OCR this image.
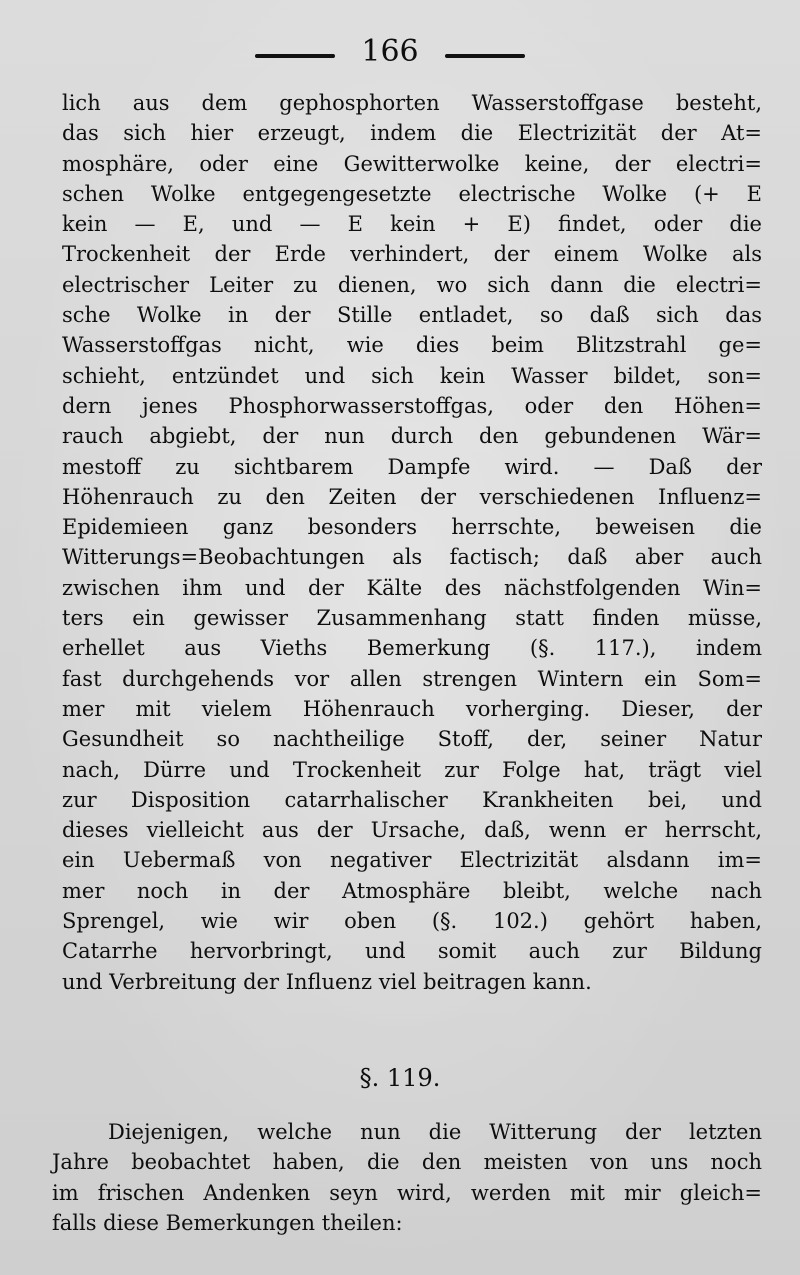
166
lich aus dem gephosphorten Wasserstoffgase besteht,
das sich hier erzeugt, indem die Electrizität der At=
mosphäre, oder eine Gewitterwolke keine, der electri=
schen Wolke entgegengesetzte electrische Wolke (+ E
kein — E, und — E kein + E) findet, oder die
Trockenheit der Erde verhindert, der einem Wolke als
electrischer Leiter zu dienen, wo sich dann die electri=
sche Wolke in der Stille entladet, so daß sich das
Wasserstoffgas nicht, wie dies beim Blitzstrahl ge=
schieht, entzündet und sich kein Wasser bildet, son=
dern jenes Phosphorwasserstoffgas, oder den Höhen=
rauch abgiebt, der nun durch den gebundenen Wär=
mestoff zu sichtbarem Dampfe wird. — Daß der
Höhenrauch zu den Zeiten der verschiedenen Influenz=
Epidemieen ganz besonders herrschte, beweisen die
Witterungs=Beobachtungen als factisch; daß aber auch
zwischen ihm und der Kälte des nächstfolgenden Win=
ters ein gewisser Zusammenhang statt finden müsse,
erhellet aus Vieths Bemerkung (§. 117.), indem
fast durchgehends vor allen strengen Wintern ein Som=
mer mit vielem Höhenrauch vorherging. Dieser, der
Gesundheit so nachtheilige Stoff, der, seiner Natur
nach, Dürre und Trockenheit zur Folge hat, trägt viel
zur Disposition catarrhalischer Krankheiten bei, und
dieses vielleicht aus der Ursache, daß, wenn er herrscht,
ein Uebermaß von negativer Electrizität alsdann im=
mer noch in der Atmosphäre bleibt, welche nach
Sprengel, wie wir oben (§. 102.) gehört haben,
Catarrhe hervorbringt, und somit auch zur Bildung
und Verbreitung der Influenz viel beitragen kann.
§. 119.
Diejenigen, welche nun die Witterung der letzten
Jahre beobachtet haben, die den meisten von uns noch
im frischen Andenken seyn wird, werden mit mir gleich=
falls diese Bemerkungen theilen:
